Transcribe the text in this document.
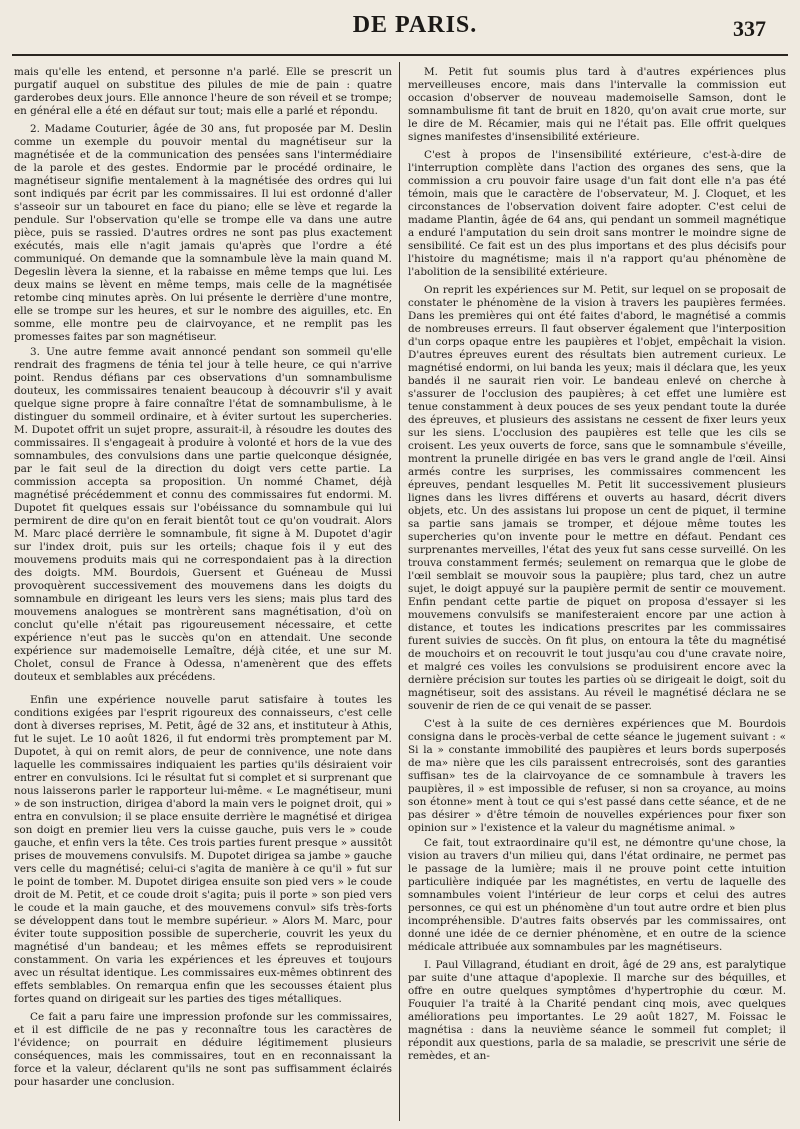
DE PARIS.	337

mais qu'elle les entend, et personne n'a parlé. Elle se prescrit un purgatif auquel on substitue des pilules de mie de pain : quatre garderobes deux jours. Elle annonce l'heure de son réveil et se trompe; en général elle a été en défaut sur tout; mais elle a parlé et répondu.

2. Madame Couturier, âgée de 30 ans, fut proposée par M. Deslin comme un exemple du pouvoir mental du magnétiseur sur la magnétisée et de la communication des pensées sans l'intermédiaire de la parole et des gestes. Endormie par le procédé ordinaire, le magnétiseur signifie mentalement à la magnétisée des ordres qui lui sont indiqués par écrit par les commissaires. Il lui est ordonné d'aller s'asseoir sur un tabouret en face du piano; elle se lève et regarde la pendule. Sur l'observation qu'elle se trompe elle va dans une autre pièce, puis se rassied. D'autres ordres ne sont pas plus exactement exécutés, mais elle n'agit jamais qu'après que l'ordre a été communiqué. On demande que la somnambule lève la main quand M. Degeslin lèvera la sienne, et la rabaisse en même temps que lui. Les deux mains se lèvent en même temps, mais celle de la magnétisée retombe cinq minutes après. On lui présente le derrière d'une montre, elle se trompe sur les heures, et sur le nombre des aiguilles, etc. En somme, elle montre peu de clairvoyance, et ne remplit pas les promesses faites par son magnétiseur.

3. Une autre femme avait annoncé pendant son sommeil qu'elle rendrait des fragmens de ténia tel jour à telle heure, ce qui n'arrive point. Rendus défians par ces observations d'un somnambulisme douteux, les commissaires tenaient beaucoup à découvrir s'il y avait quelque signe propre à faire connaître l'état de somnambulisme, à le distinguer du sommeil ordinaire, et à éviter surtout les supercheries. M. Dupotet offrit un sujet propre, assurait-il, à résoudre les doutes des commissaires. Il s'engageait à produire à volonté et hors de la vue des somnambules, des convulsions dans une partie quelconque désignée, par le fait seul de la direction du doigt vers cette partie. La commission accepta sa proposition. Un nommé Chamet, déjà magnétisé précédemment et connu des commissaires fut endormi. M. Dupotet fit quelques essais sur l'obéissance du somnambule qui lui permirent de dire qu'on en ferait bientôt tout ce qu'on voudrait. Alors M. Marc placé derrière le somnambule, fit signe à M. Dupotet d'agir sur l'index droit, puis sur les orteils; chaque fois il y eut des mouvemens produits mais qui ne correspondaient pas à la direction des doigts. MM. Bourdois, Guersent et Guéneau de Mussi provoquèrent successivement des mouvemens dans les doigts du somnambule en dirigeant les leurs vers les siens; mais plus tard des mouvemens analogues se montrèrent sans magnétisation, d'où on conclut qu'elle n'était pas rigoureusement nécessaire, et cette expérience n'eut pas le succès qu'on en attendait. Une seconde expérience sur mademoiselle Lemaître, déjà citée, et une sur M. Cholet, consul de France à Odessa, n'amenèrent que des effets douteux et semblables aux précédens.

Enfin une expérience nouvelle parut satisfaire à toutes les conditions exigées par l'esprit rigoureux des connaisseurs, c'est celle dont à diverses reprises, M. Petit, âgé de 32 ans, et instituteur à Athis, fut le sujet. Le 10 août 1826, il fut endormi très promptement par M. Dupotet, à qui on remit alors, de peur de connivence, une note dans laquelle les commissaires indiquaient les parties qu'ils désiraient voir entrer en convulsions. Ici le résultat fut si complet et si surprenant que nous laisserons parler le rapporteur lui-même. « Le magnétiseur, muni » de son instruction, dirigea d'abord la main vers le poignet droit, qui » entra en convulsion; il se place ensuite derrière le magnétisé et dirigea son doigt en premier lieu vers la cuisse gauche, puis vers le » coude gauche, et enfin vers la tête. Ces trois parties furent presque » aussitôt prises de mouvemens convulsifs. M. Dupotet dirigea sa jambe » gauche vers celle du magnétisé; celui-ci s'agita de manière à ce qu'il » fut sur le point de tomber. M. Dupotet dirigea ensuite son pied vers » le coude droit de M. Petit, et ce coude droit s'agita; puis il porte » son pied vers le coude et la main gauche, et des mouvemens convul» sifs très-forts se développent dans tout le membre supérieur. » Alors M. Marc, pour éviter toute supposition possible de supercherie, couvrit les yeux du magnétisé d'un bandeau; et les mêmes effets se reproduisirent constamment. On varia les expériences et les épreuves et toujours avec un résultat identique. Les commissaires eux-mêmes obtinrent des effets semblables. On remarqua enfin que les secousses étaient plus fortes quand on dirigeait sur les parties des tiges métalliques.

Ce fait a paru faire une impression profonde sur les commissaires, et il est difficile de ne pas y reconnaître tous les caractères de l'évidence; on pourrait en déduire légitimement plusieurs conséquences, mais les commissaires, tout en en reconnaissant la force et la valeur, déclarent qu'ils ne sont pas suffisamment éclairés pour hasarder une conclusion.

M. Petit fut soumis plus tard à d'autres expériences plus merveilleuses encore, mais dans l'intervalle la commission eut occasion d'observer de nouveau mademoiselle Samson, dont le somnambulisme fit tant de bruit en 1820, qu'on avait crue morte, sur le dire de M. Récamier, mais qui ne l'était pas. Elle offrit quelques signes manifestes d'insensibilité extérieure.

C'est à propos de l'insensibilité extérieure, c'est-à-dire de l'interruption complète dans l'action des organes des sens, que la commission a cru pouvoir faire usage d'un fait dont elle n'a pas été témoin, mais que le caractère de l'observateur, M. J. Cloquet, et les circonstances de l'observation doivent faire adopter. C'est celui de madame Plantin, âgée de 64 ans, qui pendant un sommeil magnétique a enduré l'amputation du sein droit sans montrer le moindre signe de sensibilité. Ce fait est un des plus importans et des plus décisifs pour l'histoire du magnétisme; mais il n'a rapport qu'au phénomène de l'abolition de la sensibilité extérieure.

On reprit les expériences sur M. Petit, sur lequel on se proposait de constater le phénomène de la vision à travers les paupières fermées. Dans les premières qui ont été faites d'abord, le magnétisé a commis de nombreuses erreurs. Il faut observer également que l'interposition d'un corps opaque entre les paupières et l'objet, empêchait la vision. D'autres épreuves eurent des résultats bien autrement curieux. Le magnétisé endormi, on lui banda les yeux; mais il déclara que, les yeux bandés il ne saurait rien voir. Le bandeau enlevé on cherche à s'assurer de l'occlusion des paupières; à cet effet une lumière est tenue constamment à deux pouces de ses yeux pendant toute la durée des épreuves, et plusieurs des assistans ne cessent de fixer leurs yeux sur les siens. L'occlusion des paupières est telle que les cils se croisent. Les yeux ouverts de force, sans que le somnambule s'éveille, montrent la prunelle dirigée en bas vers le grand angle de l'œil. Ainsi armés contre les surprises, les commissaires commencent les épreuves, pendant lesquelles M. Petit lit successivement plusieurs lignes dans les livres différens et ouverts au hasard, décrit divers objets, etc. Un des assistans lui propose un cent de piquet, il termine sa partie sans jamais se tromper, et déjoue même toutes les supercheries qu'on invente pour le mettre en défaut. Pendant ces surprenantes merveilles, l'état des yeux fut sans cesse surveillé. On les trouva constamment fermés; seulement on remarqua que le globe de l'œil semblait se mouvoir sous la paupière; plus tard, chez un autre sujet, le doigt appuyé sur la paupière permit de sentir ce mouvement. Enfin pendant cette partie de piquet on proposa d'essayer si les mouvemens convulsifs se manifesteraient encore par une action à distance, et toutes les indications prescrites par les commissaires furent suivies de succès. On fit plus, on entoura la tête du magnétisé de mouchoirs et on recouvrit le tout jusqu'au cou d'une cravate noire, et malgré ces voiles les convulsions se produisirent encore avec la dernière précision sur toutes les parties où se dirigeait le doigt, soit du magnétiseur, soit des assistans. Au réveil le magnétisé déclara ne se souvenir de rien de ce qui venait de se passer.

C'est à la suite de ces dernières expériences que M. Bourdois consigna dans le procès-verbal de cette séance le jugement suivant : « Si la » constante immobilité des paupières et leurs bords superposés de ma» nière que les cils paraissent entrecroisés, sont des garanties suffisan» tes de la clairvoyance de ce somnambule à travers les paupières, il » est impossible de refuser, si non sa croyance, au moins son étonne» ment à tout ce qui s'est passé dans cette séance, et de ne pas désirer » d'être témoin de nouvelles expériences pour fixer son opinion sur » l'existence et la valeur du magnétisme animal. »

Ce fait, tout extraordinaire qu'il est, ne démontre qu'une chose, la vision au travers d'un milieu qui, dans l'état ordinaire, ne permet pas le passage de la lumière; mais il ne prouve point cette intuition particulière indiquée par les magnétistes, en vertu de laquelle des somnambules voient l'intérieur de leur corps et celui des autres personnes, ce qui est un phénomène d'un tout autre ordre et bien plus incompréhensible. D'autres faits observés par les commissaires, ont donné une idée de ce dernier phénomène, et en outre de la science médicale attribuée aux somnambules par les magnétiseurs.

I. Paul Villagrand, étudiant en droit, âgé de 29 ans, est paralytique par suite d'une attaque d'apoplexie. Il marche sur des béquilles, et offre en outre quelques symptômes d'hypertrophie du cœur. M. Fouquier l'a traité à la Charité pendant cinq mois, avec quelques améliorations peu importantes. Le 29 août 1827, M. Foissac le magnétisa : dans la neuvième séance le sommeil fut complet; il répondit aux questions, parla de sa maladie, se prescrivit une série de remèdes, et an-
